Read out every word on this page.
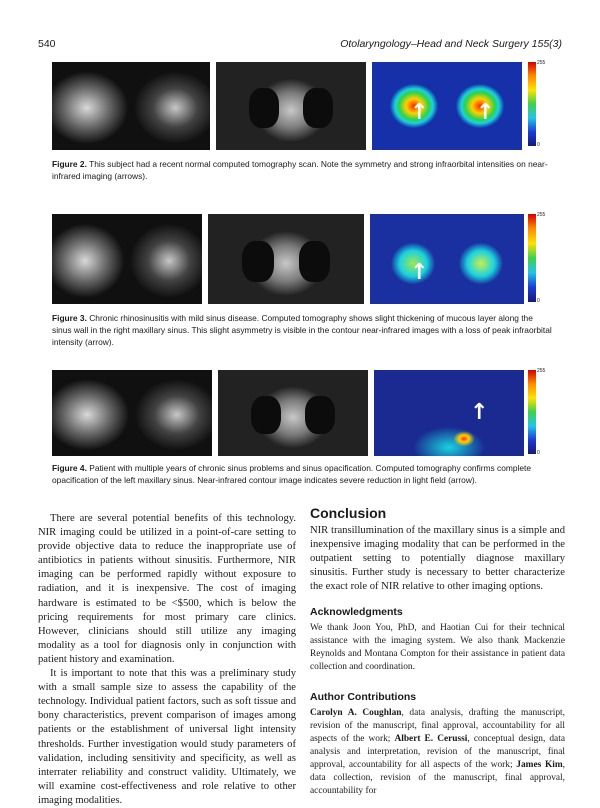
540	Otolaryngology–Head and Neck Surgery 155(3)
↑ ↑
255
0
Figure 2. This subject had a recent normal computed tomography scan. Note the symmetry and strong infraorbital intensities on near-infrared imaging (arrows).
↑
255
0
Figure 3. Chronic rhinosinusitis with mild sinus disease. Computed tomography shows slight thickening of mucous layer along the sinus wall in the right maxillary sinus. This slight asymmetry is visible in the contour near-infrared images with a loss of peak infraorbital intensity (arrow).
↑
255
0
Figure 4. Patient with multiple years of chronic sinus problems and sinus opacification. Computed tomography confirms complete opacification of the left maxillary sinus. Near-infrared contour image indicates severe reduction in light field (arrow).

There are several potential benefits of this technology. NIR imaging could be utilized in a point-of-care setting to provide objective data to reduce the inappropriate use of antibiotics in patients without sinusitis. Furthermore, NIR imaging can be performed rapidly without exposure to radiation, and it is inexpensive. The cost of imaging hardware is estimated to be <$500, which is below the pricing requirements for most primary care clinics. However, clinicians should still utilize any imaging modality as a tool for diagnosis only in conjunction with patient history and examination.

It is important to note that this was a preliminary study with a small sample size to assess the capability of the technology. Individual patient factors, such as soft tissue and bony characteristics, prevent comparison of images among patients or the establishment of universal light intensity thresholds. Further investigation would study parameters of validation, including sensitivity and specificity, as well as interrater reliability and construct validity. Ultimately, we will examine cost-effectiveness and role relative to other imaging modalities.

Conclusion

NIR transillumination of the maxillary sinus is a simple and inexpensive imaging modality that can be performed in the outpatient setting to potentially diagnose maxillary sinusitis. Further study is necessary to better characterize the exact role of NIR relative to other imaging options.

Acknowledgments

We thank Joon You, PhD, and Haotian Cui for their technical assistance with the imaging system. We also thank Mackenzie Reynolds and Montana Compton for their assistance in patient data collection and coordination.

Author Contributions

Carolyn A. Coughlan, data analysis, drafting the manuscript, revision of the manuscript, final approval, accountability for all aspects of the work; Albert E. Cerussi, conceptual design, data analysis and interpretation, revision of the manuscript, final approval, accountability for all aspects of the work; James Kim, data collection, revision of the manuscript, final approval, accountability for
